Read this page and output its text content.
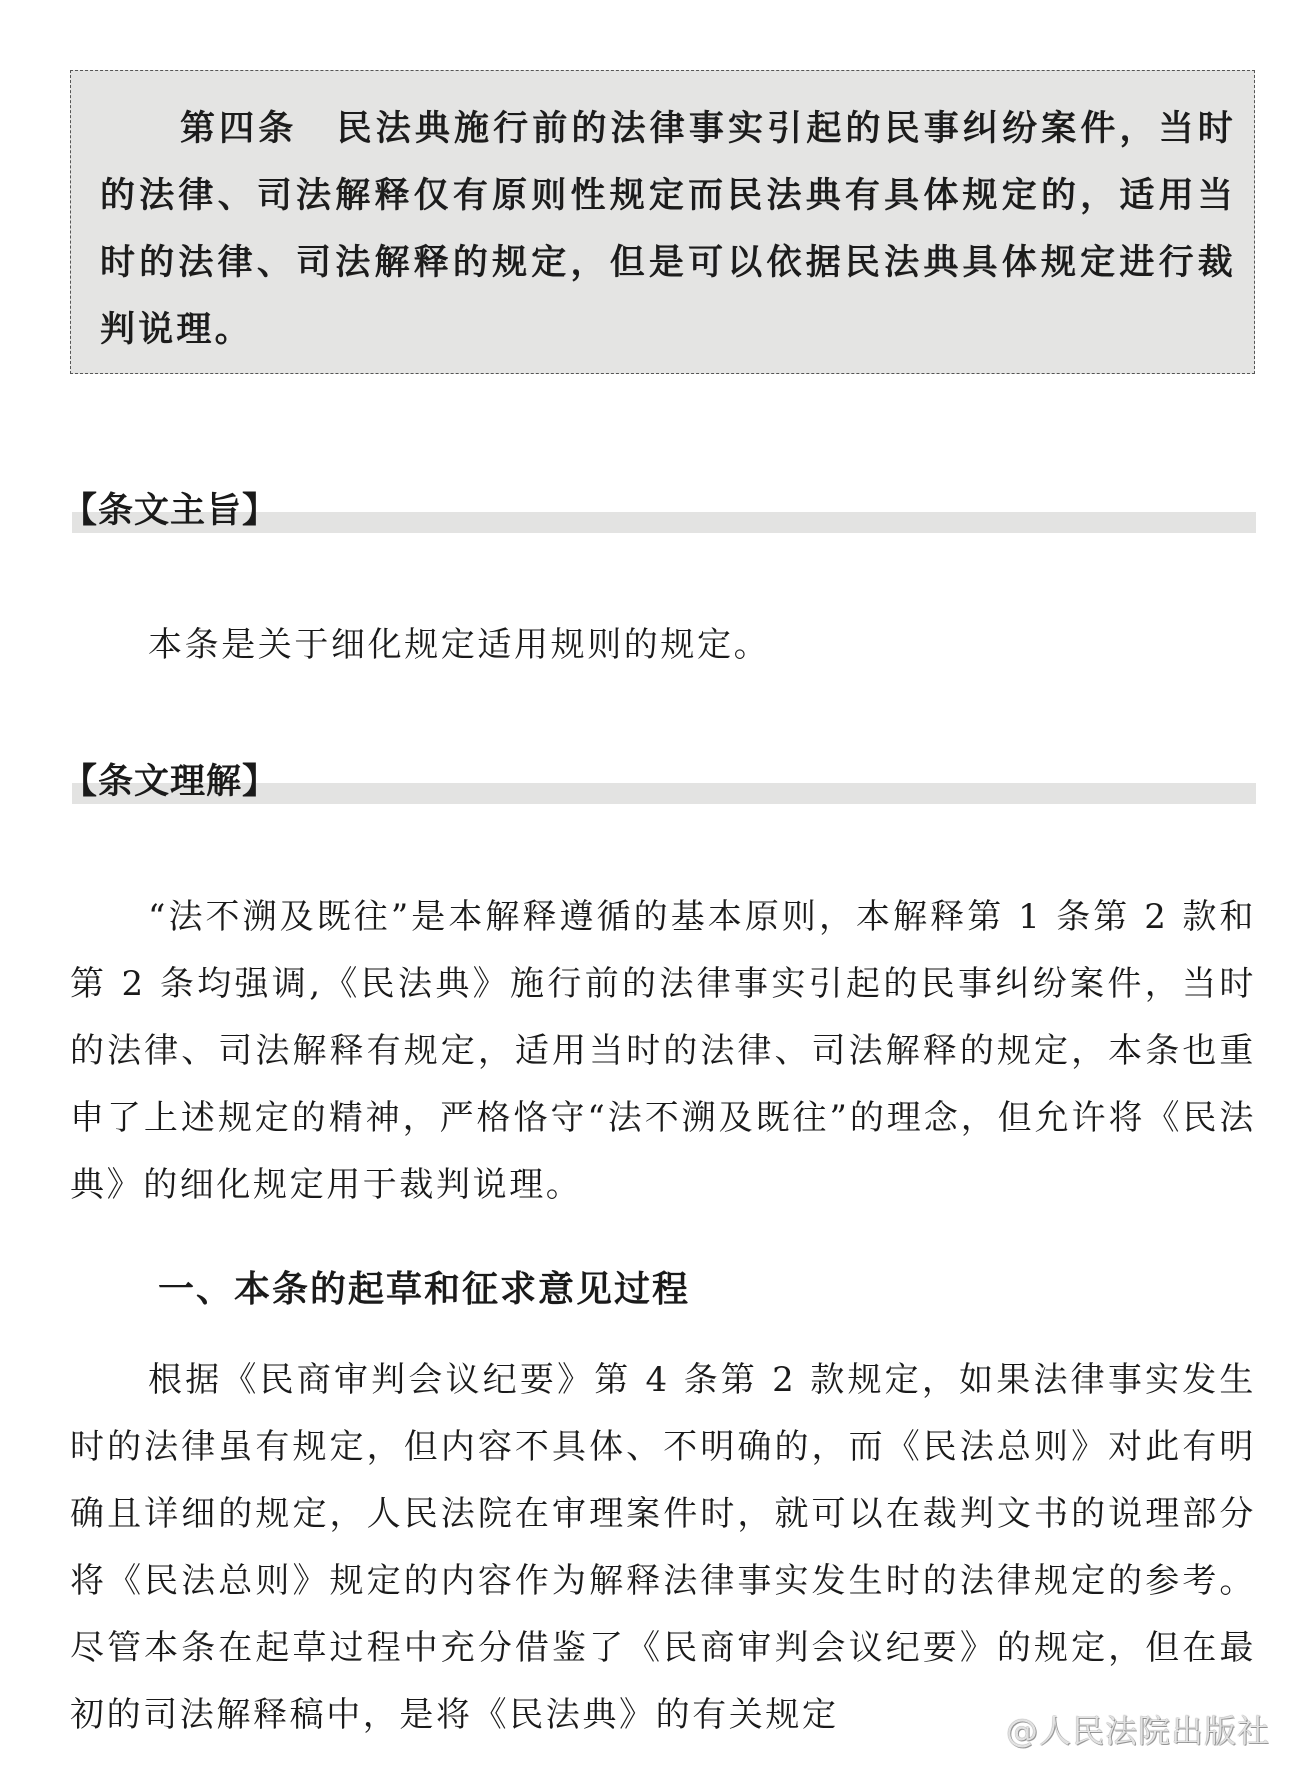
第四条　民法典施行前的法律事实引起的民事纠纷案件，当时的法律、司法解释仅有原则性规定而民法典有具体规定的，适用当时的法律、司法解释的规定，但是可以依据民法典具体规定进行裁判说理。
【条文主旨】
本条是关于细化规定适用规则的规定。
【条文理解】
“法不溯及既往”是本解释遵循的基本原则，本解释第 1 条第 2 款和第 2 条均强调,《民法典》施行前的法律事实引起的民事纠纷案件，当时的法律、司法解释有规定，适用当时的法律、司法解释的规定，本条也重申了上述规定的精神，严格恪守“法不溯及既往”的理念，但允许将《民法典》的细化规定用于裁判说理。
一、本条的起草和征求意见过程
根据《民商审判会议纪要》第 4 条第 2 款规定，如果法律事实发生时的法律虽有规定，但内容不具体、不明确的，而《民法总则》对此有明确且详细的规定，人民法院在审理案件时，就可以在裁判文书的说理部分将《民法总则》规定的内容作为解释法律事实发生时的法律规定的参考。尽管本条在起草过程中充分借鉴了《民商审判会议纪要》的规定，但在最初的司法解释稿中，是将《民法典》的有关规定	@人民法院出版社
